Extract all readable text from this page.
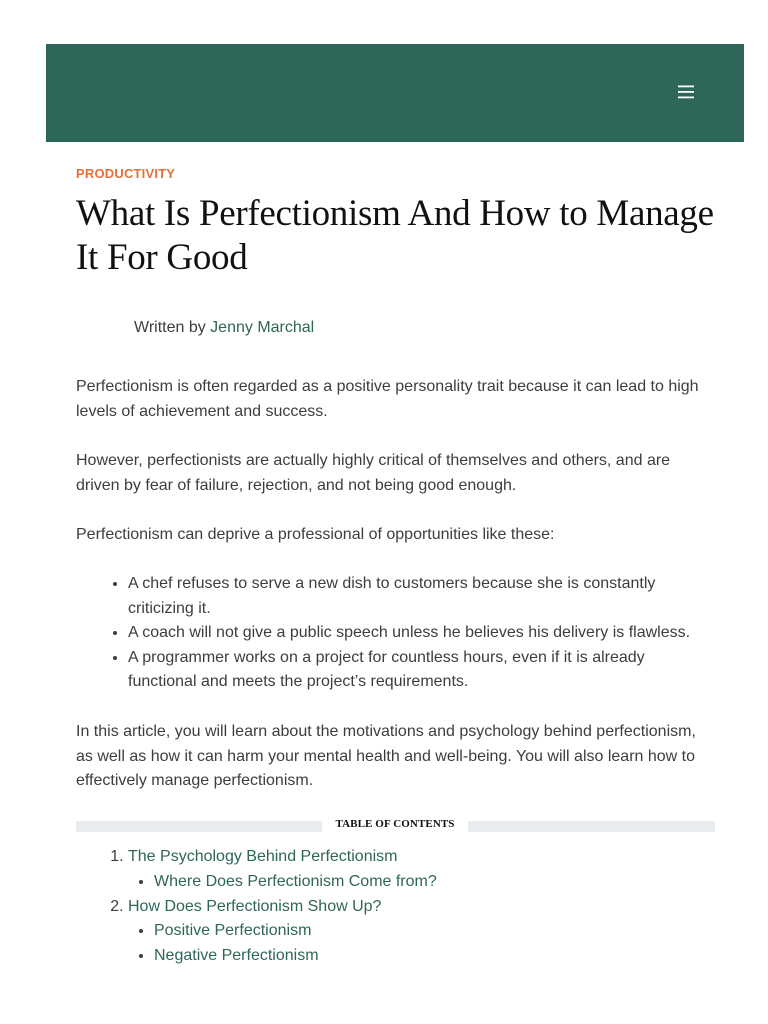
PRODUCTIVITY
What Is Perfectionism And How to Manage It For Good
Written by Jenny Marchal

Perfectionism is often regarded as a positive personality trait because it can lead to high levels of achievement and success.

However, perfectionists are actually highly critical of themselves and others, and are driven by fear of failure, rejection, and not being good enough.

Perfectionism can deprive a professional of opportunities like these:

• A chef refuses to serve a new dish to customers because she is constantly criticizing it.
• A coach will not give a public speech unless he believes his delivery is flawless.
• A programmer works on a project for countless hours, even if it is already functional and meets the project’s requirements.

In this article, you will learn about the motivations and psychology behind perfectionism, as well as how it can harm your mental health and well-being. You will also learn how to effectively manage perfectionism.

TABLE OF CONTENTS
1. The Psychology Behind Perfectionism
• Where Does Perfectionism Come from?
2. How Does Perfectionism Show Up?
• Positive Perfectionism
• Negative Perfectionism
